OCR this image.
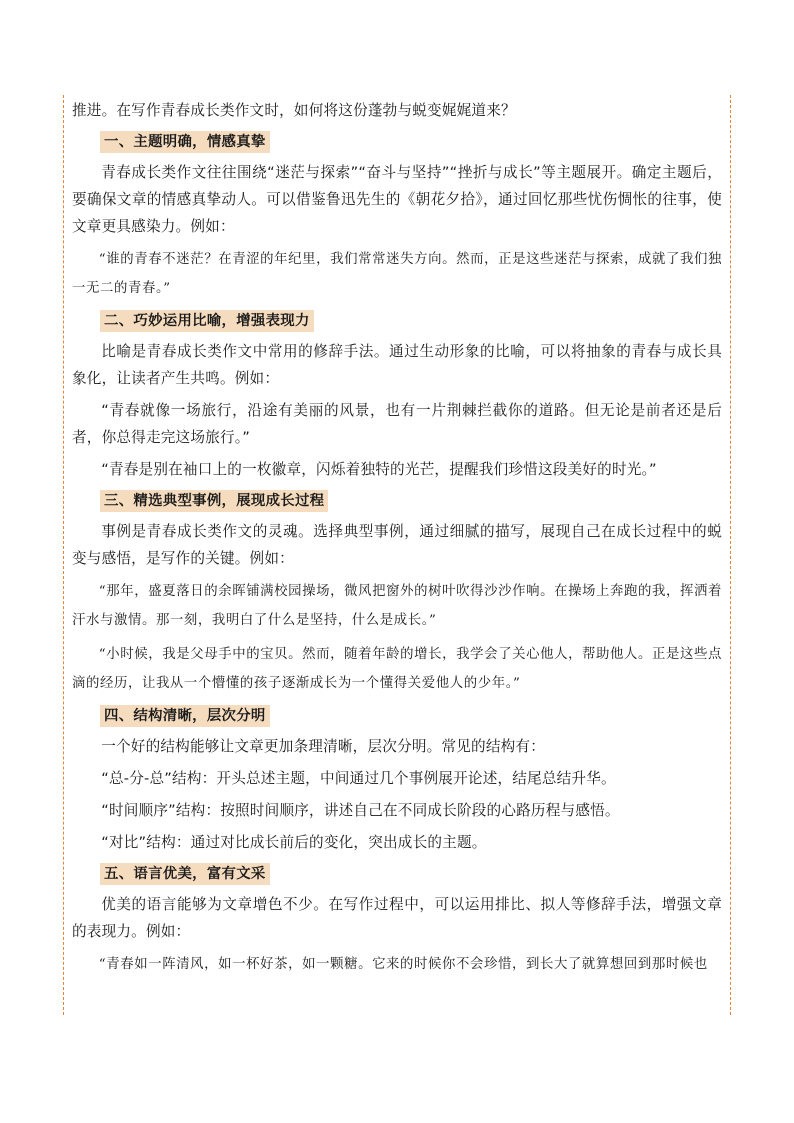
推进。在写作青春成长类作文时，如何将这份蓬勃与蜕变娓娓道来？

一、主题明确，情感真挚

青春成长类作文往往围绕“迷茫与探索”“奋斗与坚持”“挫折与成长”等主题展开。确定主题后，要确保文章的情感真挚动人。可以借鉴鲁迅先生的《朝花夕拾》，通过回忆那些忧伤惆怅的往事，使文章更具感染力。例如：

“谁的青春不迷茫？在青涩的年纪里，我们常常迷失方向。然而，正是这些迷茫与探索，成就了我们独一无二的青春。”

二、巧妙运用比喻，增强表现力

比喻是青春成长类作文中常用的修辞手法。通过生动形象的比喻，可以将抽象的青春与成长具象化，让读者产生共鸣。例如：

“青春就像一场旅行，沿途有美丽的风景，也有一片荆棘拦截你的道路。但无论是前者还是后者，你总得走完这场旅行。”

“青春是别在袖口上的一枚徽章，闪烁着独特的光芒，提醒我们珍惜这段美好的时光。”

三、精选典型事例，展现成长过程

事例是青春成长类作文的灵魂。选择典型事例，通过细腻的描写，展现自己在成长过程中的蜕变与感悟，是写作的关键。例如：

“那年，盛夏落日的余晖铺满校园操场，微风把窗外的树叶吹得沙沙作响。在操场上奔跑的我，挥洒着汗水与激情。那一刻，我明白了什么是坚持，什么是成长。”

“小时候，我是父母手中的宝贝。然而，随着年龄的增长，我学会了关心他人，帮助他人。正是这些点滴的经历，让我从一个懵懂的孩子逐渐成长为一个懂得关爱他人的少年。”

四、结构清晰，层次分明

一个好的结构能够让文章更加条理清晰，层次分明。常见的结构有：

“总-分-总”结构：开头总述主题，中间通过几个事例展开论述，结尾总结升华。

“时间顺序”结构：按照时间顺序，讲述自己在不同成长阶段的心路历程与感悟。

“对比”结构：通过对比成长前后的变化，突出成长的主题。

五、语言优美，富有文采

优美的语言能够为文章增色不少。在写作过程中，可以运用排比、拟人等修辞手法，增强文章的表现力。例如：

“青春如一阵清风，如一杯好茶，如一颗糖。它来的时候你不会珍惜，到长大了就算想回到那时候也
